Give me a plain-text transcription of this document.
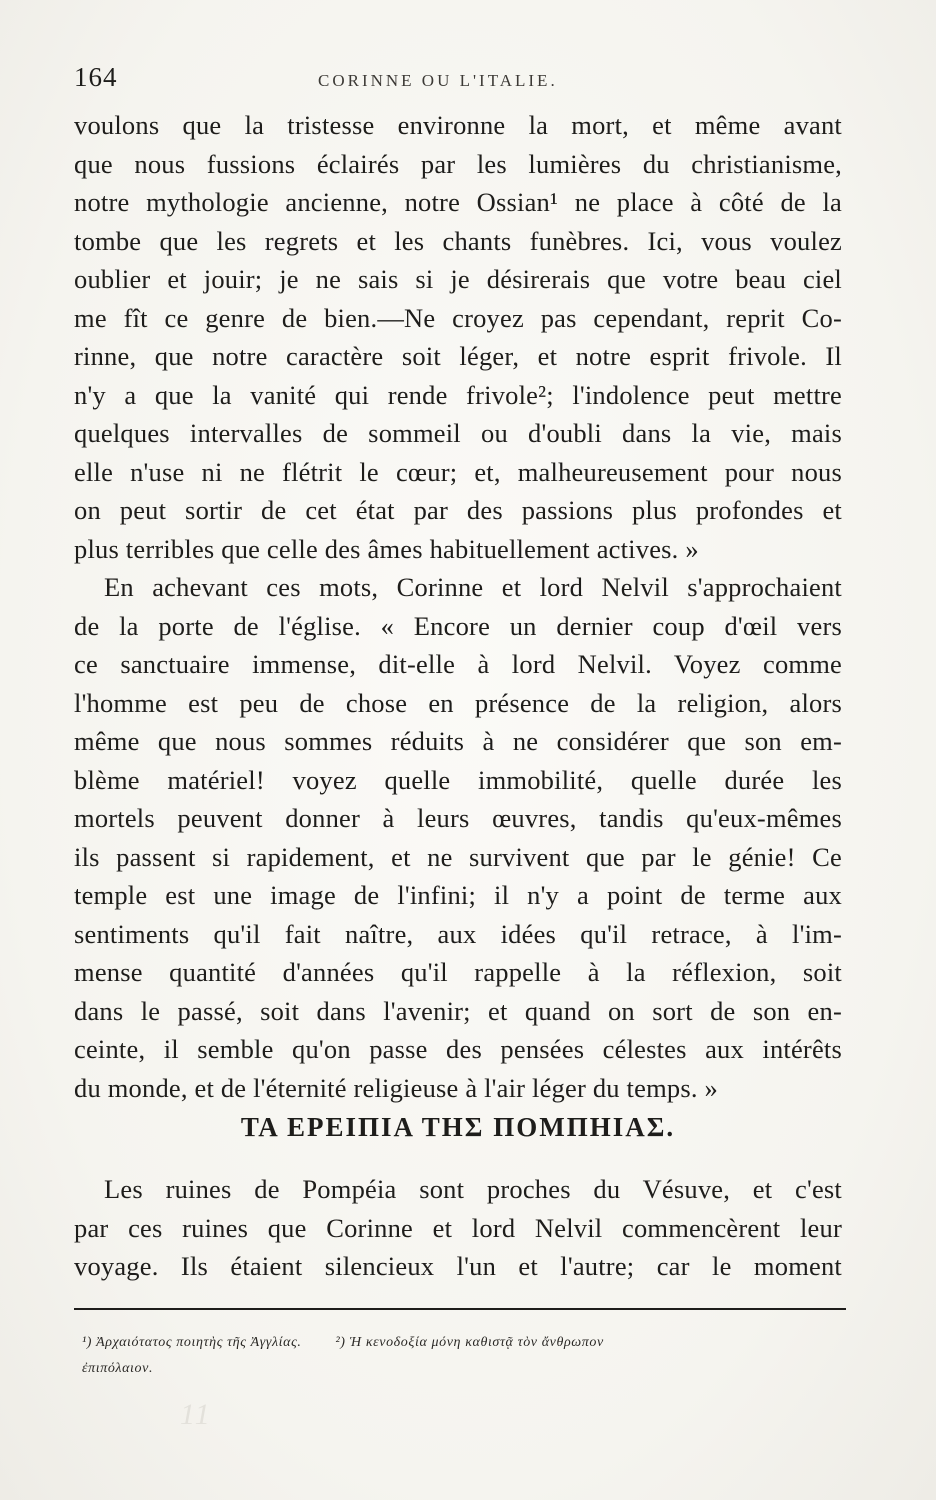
164	CORINNE OU L'ITALIE.
voulons que la tristesse environne la mort, et même avant
que nous fussions éclairés par les lumières du christianisme,
notre mythologie ancienne, notre Ossian¹ ne place à côté de la
tombe que les regrets et les chants funèbres. Ici, vous voulez
oublier et jouir; je ne sais si je désirerais que votre beau ciel
me fît ce genre de bien.—Ne croyez pas cependant, reprit Co-
rinne, que notre caractère soit léger, et notre esprit frivole. Il
n'y a que la vanité qui rende frivole²; l'indolence peut mettre
quelques intervalles de sommeil ou d'oubli dans la vie, mais
elle n'use ni ne flétrit le cœur; et, malheureusement pour nous
on peut sortir de cet état par des passions plus profondes et
plus terribles que celle des âmes habituellement actives. »
En achevant ces mots, Corinne et lord Nelvil s'approchaient
de la porte de l'église. « Encore un dernier coup d'œil vers
ce sanctuaire immense, dit-elle à lord Nelvil. Voyez comme
l'homme est peu de chose en présence de la religion, alors
même que nous sommes réduits à ne considérer que son em-
blème matériel! voyez quelle immobilité, quelle durée les
mortels peuvent donner à leurs œuvres, tandis qu'eux-mêmes
ils passent si rapidement, et ne survivent que par le génie! Ce
temple est une image de l'infini; il n'y a point de terme aux
sentiments qu'il fait naître, aux idées qu'il retrace, à l'im-
mense quantité d'années qu'il rappelle à la réflexion, soit
dans le passé, soit dans l'avenir; et quand on sort de son en-
ceinte, il semble qu'on passe des pensées célestes aux intérêts
du monde, et de l'éternité religieuse à l'air léger du temps. »
ΤΑ ΕΡΕΙΠΙΑ ΤΗΣ ΠΟΜΠΗΙΑΣ.
Les ruines de Pompéia sont proches du Vésuve, et c'est
par ces ruines que Corinne et lord Nelvil commencèrent leur
voyage. Ils étaient silencieux l'un et l'autre; car le moment
¹) Ἀρχαιότατος ποιητὴς τῆς Ἀγγλίας. ²) Ἡ κενοδοξία μόνη καθιστᾷ τὸν ἄνθρωπον
ἐπιπόλαιον.
11
